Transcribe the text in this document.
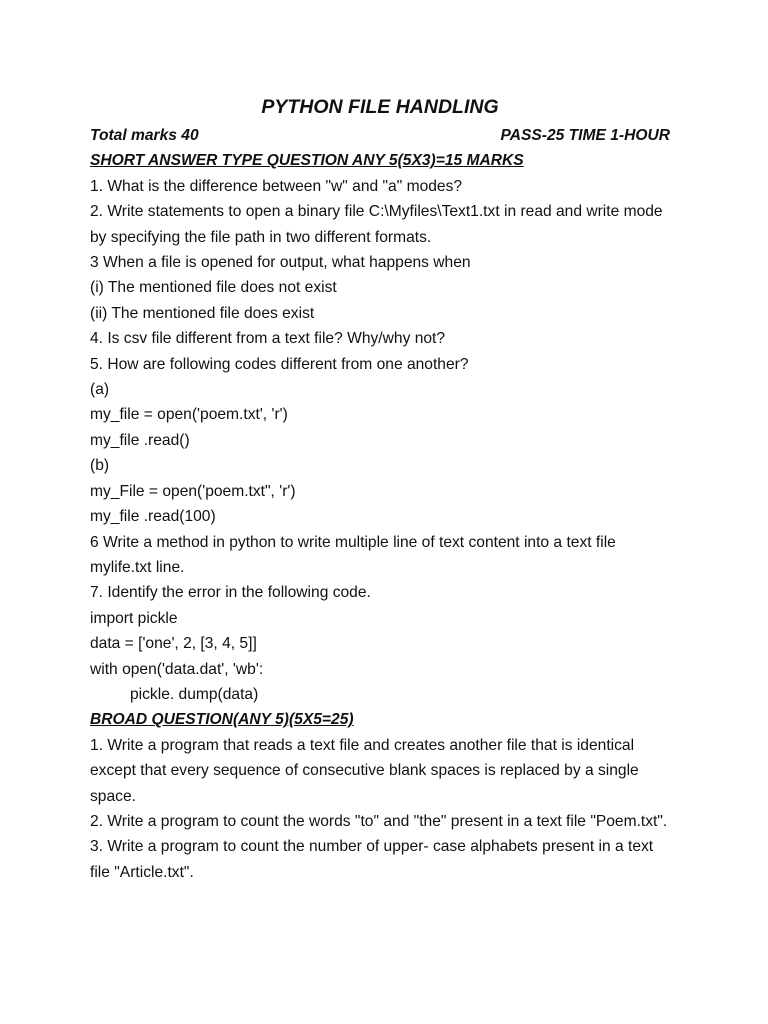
PYTHON FILE HANDLING
Total marks 40	PASS-25 TIME 1-HOUR
SHORT ANSWER TYPE QUESTION ANY 5(5X3)=15 MARKS
1. What is the difference between "w" and "a" modes?
2. Write statements to open a binary file C:\Myfiles\Text1.txt in read and write mode by specifying the file path in two different formats.
3 When a file is opened for output, what happens when
(i) The mentioned file does not exist
(ii) The mentioned file does exist
4. Is csv file different from a text file? Why/why not?
5. How are following codes different from one another?
(a)
my_file = open('poem.txt', 'r')
my_file .read()
(b)
my_File = open('poem.txt", 'r')
my_file .read(100)
6 Write a method in python to write multiple line of text content into a text file mylife.txt line.
7. Identify the error in the following code.
import pickle
data = ['one', 2, [3, 4, 5]]
with open('data.dat', 'wb':
pickle. dump(data)
BROAD QUESTION(ANY 5)(5X5=25)
1. Write a program that reads a text file and creates another file that is identical except that every sequence of consecutive blank spaces is replaced by a single space.
2. Write a program to count the words "to" and "the" present in a text file "Poem.txt".
3. Write a program to count the number of upper- case alphabets present in a text file "Article.txt".
